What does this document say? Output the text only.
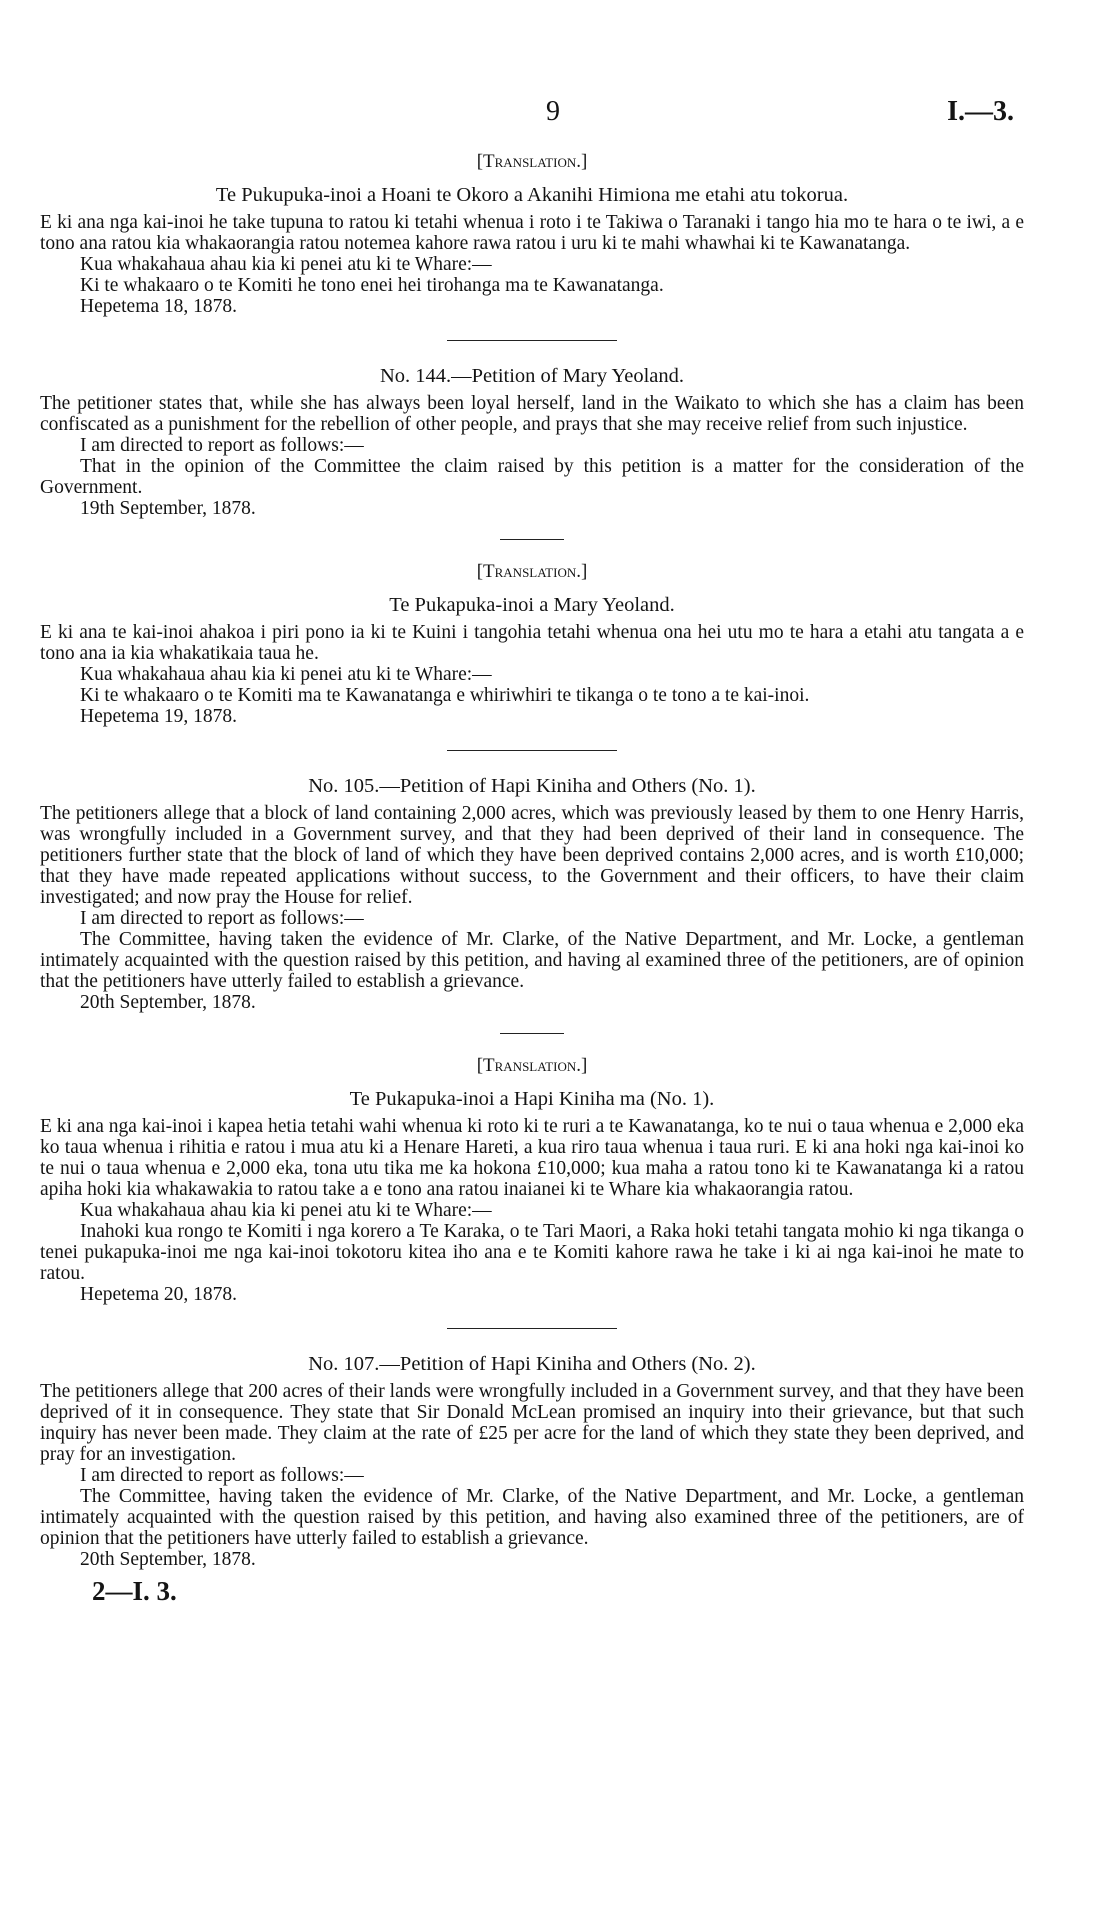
9	I.—3.
[Translation.]
Te Pukupuka-inoi a Hoani te Okoro a Akanihi Himiona me etahi atu tokorua.

E ki ana nga kai-inoi he take tupuna to ratou ki tetahi whenua i roto i te Takiwa o Taranaki i tango hia mo te hara o te iwi, a e tono ana ratou kia whakaorangia ratou notemea kahore rawa ratou i uru ki te mahi whawhai ki te Kawanatanga.

Kua whakahaua ahau kia ki penei atu ki te Whare:—

Ki te whakaaro o te Komiti he tono enei hei tirohanga ma te Kawanatanga.

Hepetema 18, 1878.

No. 144.—Petition of Mary Yeoland.

The petitioner states that, while she has always been loyal herself, land in the Waikato to which she has a claim has been confiscated as a punishment for the rebellion of other people, and prays that she may receive relief from such injustice.

I am directed to report as follows:—

That in the opinion of the Committee the claim raised by this petition is a matter for the consideration of the Government.

19th September, 1878.

[Translation.]
Te Pukapuka-inoi a Mary Yeoland.

E ki ana te kai-inoi ahakoa i piri pono ia ki te Kuini i tangohia tetahi whenua ona hei utu mo te hara a etahi atu tangata a e tono ana ia kia whakatikaia taua he.

Kua whakahaua ahau kia ki penei atu ki te Whare:—

Ki te whakaaro o te Komiti ma te Kawanatanga e whiriwhiri te tikanga o te tono a te kai-inoi.

Hepetema 19, 1878.

No. 105.—Petition of Hapi Kiniha and Others (No. 1).

The petitioners allege that a block of land containing 2,000 acres, which was previously leased by them to one Henry Harris, was wrongfully included in a Government survey, and that they had been deprived of their land in consequence. The petitioners further state that the block of land of which they have been deprived contains 2,000 acres, and is worth £10,000; that they have made repeated applications without success, to the Government and their officers, to have their claim investigated; and now pray the House for relief.

I am directed to report as follows:—

The Committee, having taken the evidence of Mr. Clarke, of the Native Department, and Mr. Locke, a gentleman intimately acquainted with the question raised by this petition, and having al examined three of the petitioners, are of opinion that the petitioners have utterly failed to establish a grievance.

20th September, 1878.

[Translation.]
Te Pukapuka-inoi a Hapi Kiniha ma (No. 1).

E ki ana nga kai-inoi i kapea hetia tetahi wahi whenua ki roto ki te ruri a te Kawanatanga, ko te nui o taua whenua e 2,000 eka ko taua whenua i rihitia e ratou i mua atu ki a Henare Hareti, a kua riro taua whenua i taua ruri. E ki ana hoki nga kai-inoi ko te nui o taua whenua e 2,000 eka, tona utu tika me ka hokona £10,000; kua maha a ratou tono ki te Kawanatanga ki a ratou apiha hoki kia whakawakia to ratou take a e tono ana ratou inaianei ki te Whare kia whakaorangia ratou.

Kua whakahaua ahau kia ki penei atu ki te Whare:—

Inahoki kua rongo te Komiti i nga korero a Te Karaka, o te Tari Maori, a Raka hoki tetahi tangata mohio ki nga tikanga o tenei pukapuka-inoi me nga kai-inoi tokotoru kitea iho ana e te Komiti kahore rawa he take i ki ai nga kai-inoi he mate to ratou.

Hepetema 20, 1878.

No. 107.—Petition of Hapi Kiniha and Others (No. 2).

The petitioners allege that 200 acres of their lands were wrongfully included in a Government survey, and that they have been deprived of it in consequence. They state that Sir Donald McLean promised an inquiry into their grievance, but that such inquiry has never been made. They claim at the rate of £25 per acre for the land of which they state they been deprived, and pray for an investigation.

I am directed to report as follows:—

The Committee, having taken the evidence of Mr. Clarke, of the Native Department, and Mr. Locke, a gentleman intimately acquainted with the question raised by this petition, and having also examined three of the petitioners, are of opinion that the petitioners have utterly failed to establish a grievance.

20th September, 1878.

2—I. 3.
